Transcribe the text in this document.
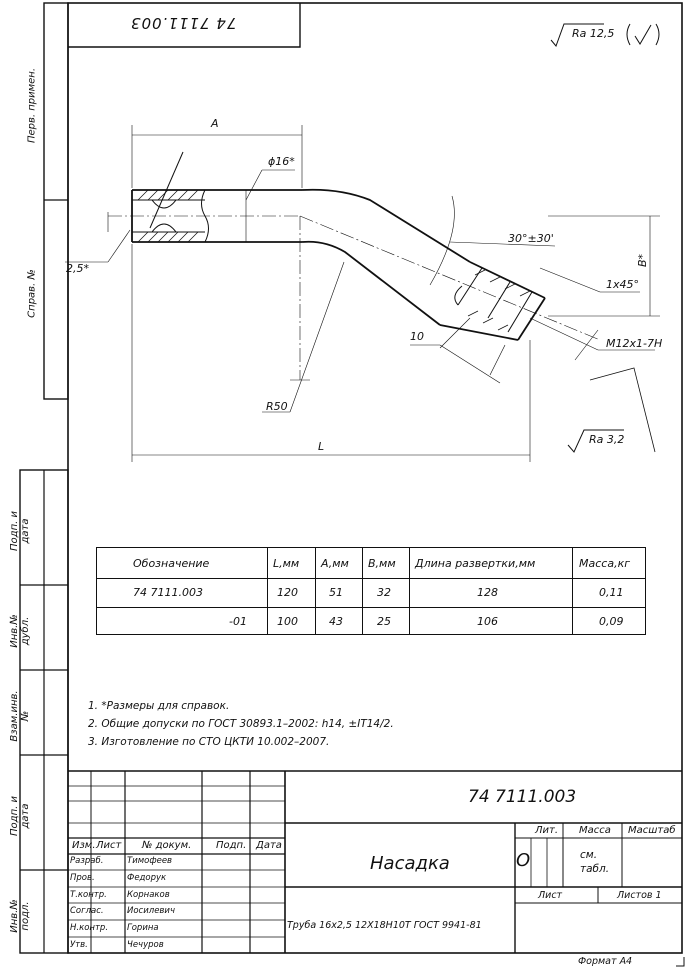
74 7111.003
Ra 12,5
Ra 3,2
A
ϕ16*
2,5*
30°±30'
B*
1x45°
M12x1-7H
10
R50
L
Перв. примен.
Справ. №
Подп. и дата
Инв.№ дубл.
Взам.инв. №
Подп. и дата
Инв.№ подл.
Обозначение	L,мм A,мм B,мм Длина развертки,мм	Масса,кг
74 7111.003	120	51	32	128	0,11
-01	100	43	25	106	0,09
1. *Размеры для справок.
2. Общие допуски по ГОСТ 30893.1–2002: h14, ±IT14/2.
3. Изготовление по СТО ЦКТИ 10.002–2007.
74 7111.003
Насадка
Труба 16х2,5 12Х18Н10Т ГОСТ 9941-81
Лит. Масса Масштаб
О	см. табл.
Лист	Листов 1
Изм. Лист № докум. Подп. Дата
Разраб.	Тимофеев
Пров.	Федорук
Т.контр. Корнаков
Соглас.	Иосилевич
Н.контр. Горина
Утв.	Чечуров
Формат А4
